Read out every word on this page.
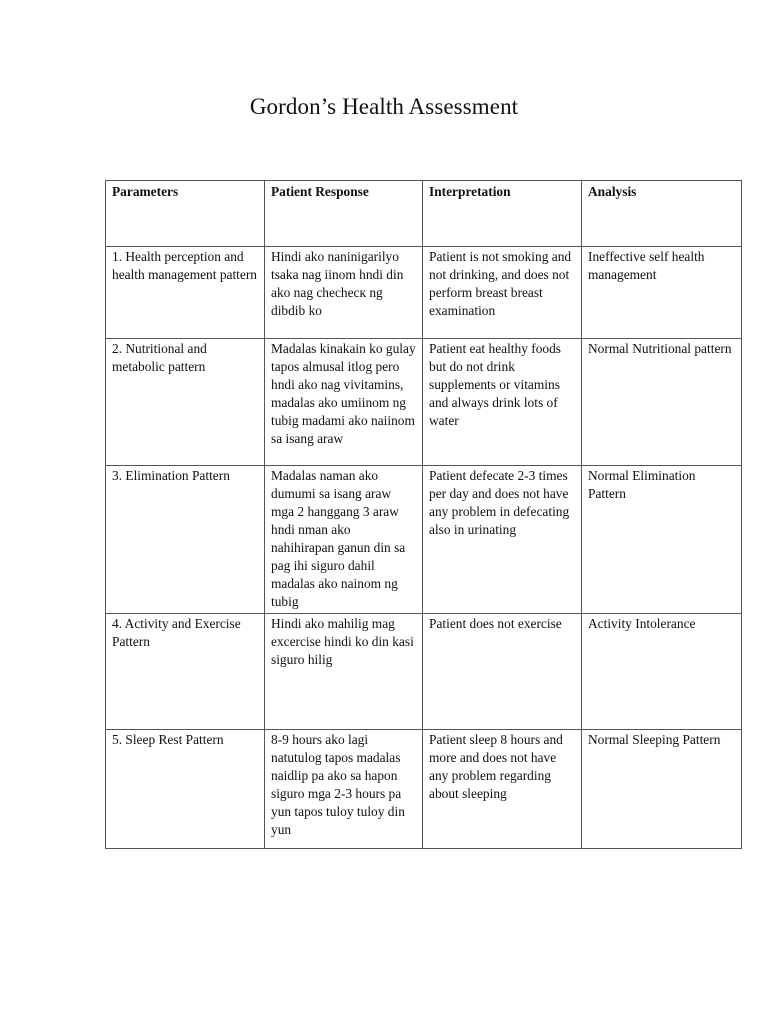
Gordon’s Health Assessment
Parameters	Patient Response	Interpretation	Analysis

1. Health perception and health management pattern	Hindi ako naninigarilyo tsaka nag iinom hndi din ako nag chechecк ng dibdib ko	Patient is not smoking and not drinking, and does not perform breast breast examination	Ineffective self health management

2. Nutritional and metabolic pattern	Madalas kinakain ko gulay tapos almusal itlog pero hndi ako nag vivitamins, madalas ako umiinom ng tubig madami ako naiinom sa isang araw	Patient eat healthy foods but do not drink supplements or vitamins and always drink lots of water	Normal Nutritional pattern

3. Elimination Pattern	Madalas naman ako dumumi sa isang araw mga 2 hanggang 3 araw hndi nman ako nahihirapan ganun din sa pag ihi siguro dahil madalas ako nainom ng tubig	Patient defecate 2-3 times per day and does not have any problem in defecating also in urinating	Normal Elimination Pattern

4. Activity and Exercise Pattern	Hindi ako mahilig mag excercise hindi ko din kasi siguro hilig	Patient does not exercise	Activity Intolerance

5. Sleep Rest Pattern	8-9 hours ako lagi natutulog tapos madalas naidlip pa ako sa hapon siguro mga 2-3 hours pa yun tapos tuloy tuloy din yun	Patient sleep 8 hours and more and does not have any problem regarding about sleeping	Normal Sleeping Pattern
